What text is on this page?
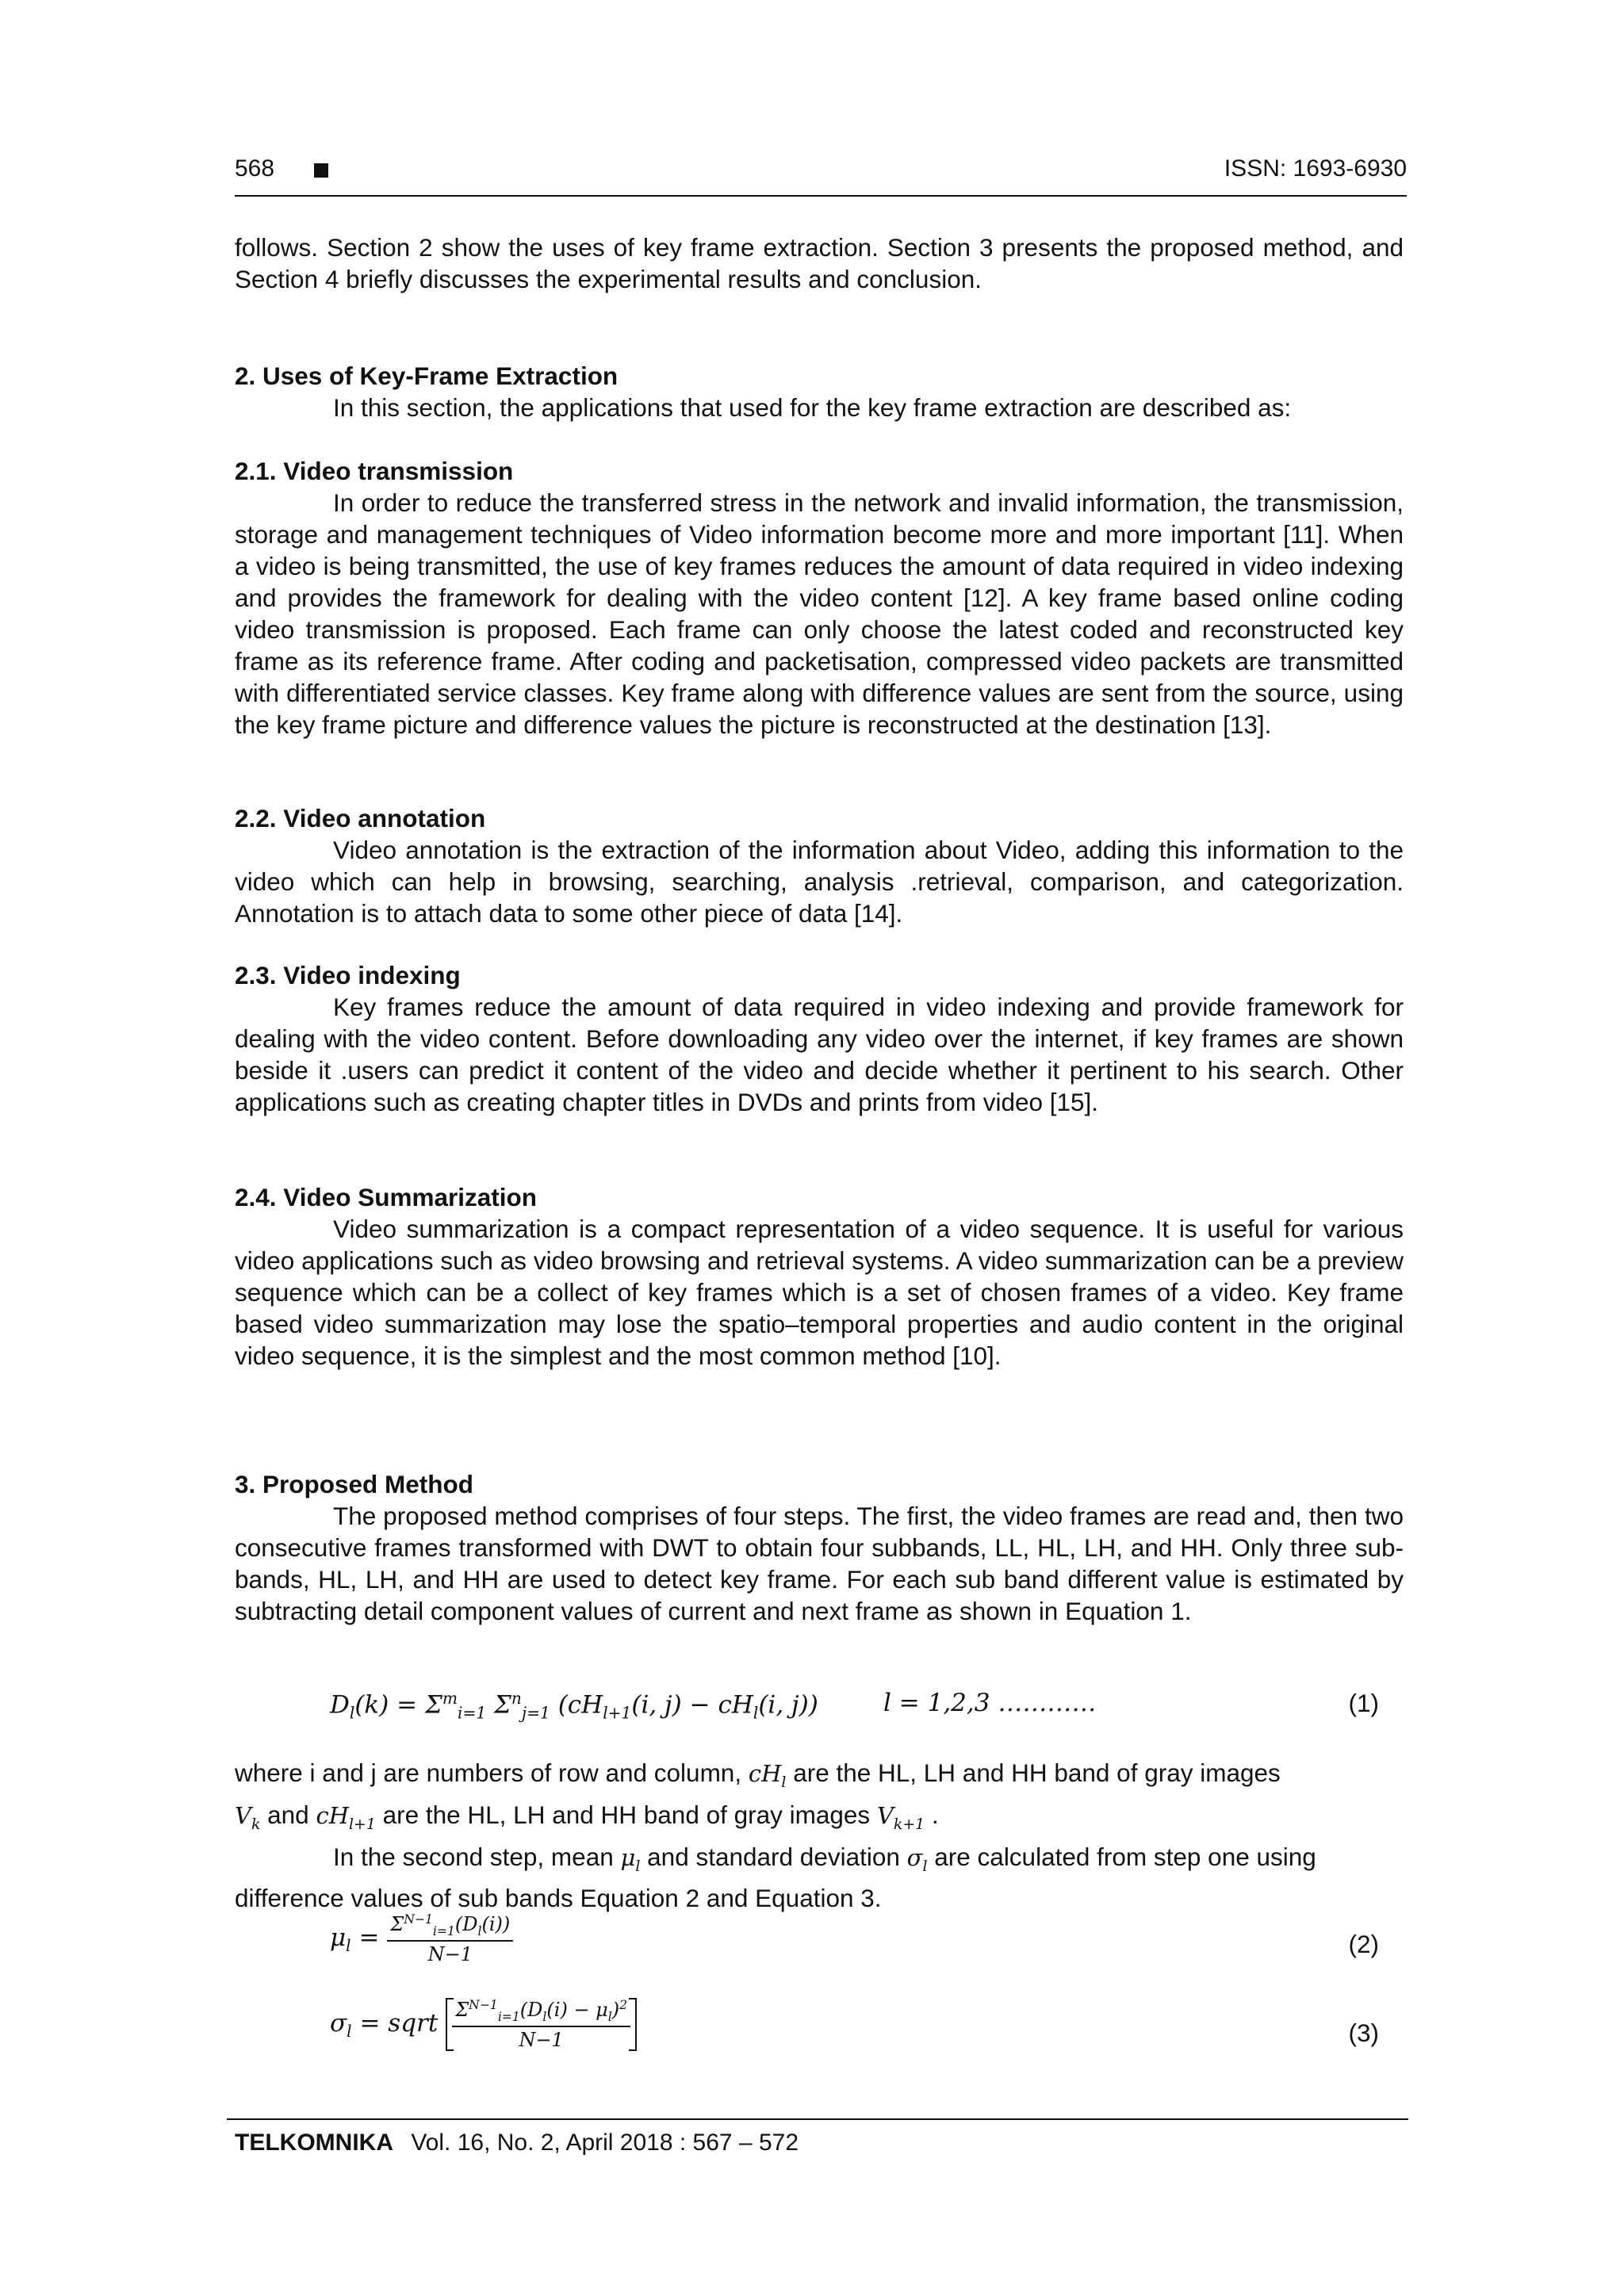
568	ISSN: 1693-6930

follows. Section 2 show the uses of key frame extraction. Section 3 presents the proposed method, and Section 4 briefly discusses the experimental results and conclusion.

2. Uses of Key-Frame Extraction

In this section, the applications that used for the key frame extraction are described as:

2.1. Video transmission

In order to reduce the transferred stress in the network and invalid information, the transmission, storage and management techniques of Video information become more and more important [11]. When a video is being transmitted, the use of key frames reduces the amount of data required in video indexing and provides the framework for dealing with the video content [12]. A key frame based online coding video transmission is proposed. Each frame can only choose the latest coded and reconstructed key frame as its reference frame. After coding and packetisation, compressed video packets are transmitted with differentiated service classes. Key frame along with difference values are sent from the source, using the key frame picture and difference values the picture is reconstructed at the destination [13].

2.2. Video annotation

Video annotation is the extraction of the information about Video, adding this information to the video which can help in browsing, searching, analysis .retrieval, comparison, and categorization. Annotation is to attach data to some other piece of data [14].

2.3. Video indexing

Key frames reduce the amount of data required in video indexing and provide framework for dealing with the video content. Before downloading any video over the internet, if key frames are shown beside it .users can predict it content of the video and decide whether it pertinent to his search. Other applications such as creating chapter titles in DVDs and prints from video [15].

2.4. Video Summarization

Video summarization is a compact representation of a video sequence. It is useful for various video applications such as video browsing and retrieval systems. A video summarization can be a preview sequence which can be a collect of key frames which is a set of chosen frames of a video. Key frame based video summarization may lose the spatio–temporal properties and audio content in the original video sequence, it is the simplest and the most common method [10].

3. Proposed Method

The proposed method comprises of four steps. The first, the video frames are read and, then two consecutive frames transformed with DWT to obtain four subbands, LL, HL, LH, and HH. Only three sub-bands, HL, LH, and HH are used to detect key frame. For each sub band different value is estimated by subtracting detail component values of current and next frame as shown in Equation 1.

$D_l(k) = \Sigma^m_{i=1}$ $\Sigma^n_{j=1}$ ($cH_{l+1}(i$, $j) - cH_l(i$, j))	l = 1,2,3 …………	(1)

where i and j are numbers of row and column, $cH_l$ are the HL, LH and HH band of gray images
$V_k$ and $cH_{l+1}$ are the HL, LH and HH band of gray images $V_{k+1}$ .

In the second step, mean $\mu_l$ and standard deviation $\sigma_l$ are calculated from step one using difference values of sub bands Equation 2 and Equation 3.

$\mu_l = \frac{\Sigma^{N-1}_{i=1}(D_l(i))}{N-1}$	(2)
$\sigma_l$ = sqrt $\frac{\Sigma^{N-1}_{i=1}(D_l(i) - \mu_l)^2}{N-1}$	(3)
TELKOMNIKA Vol. 16, No. 2, April 2018 : 567 – 572
